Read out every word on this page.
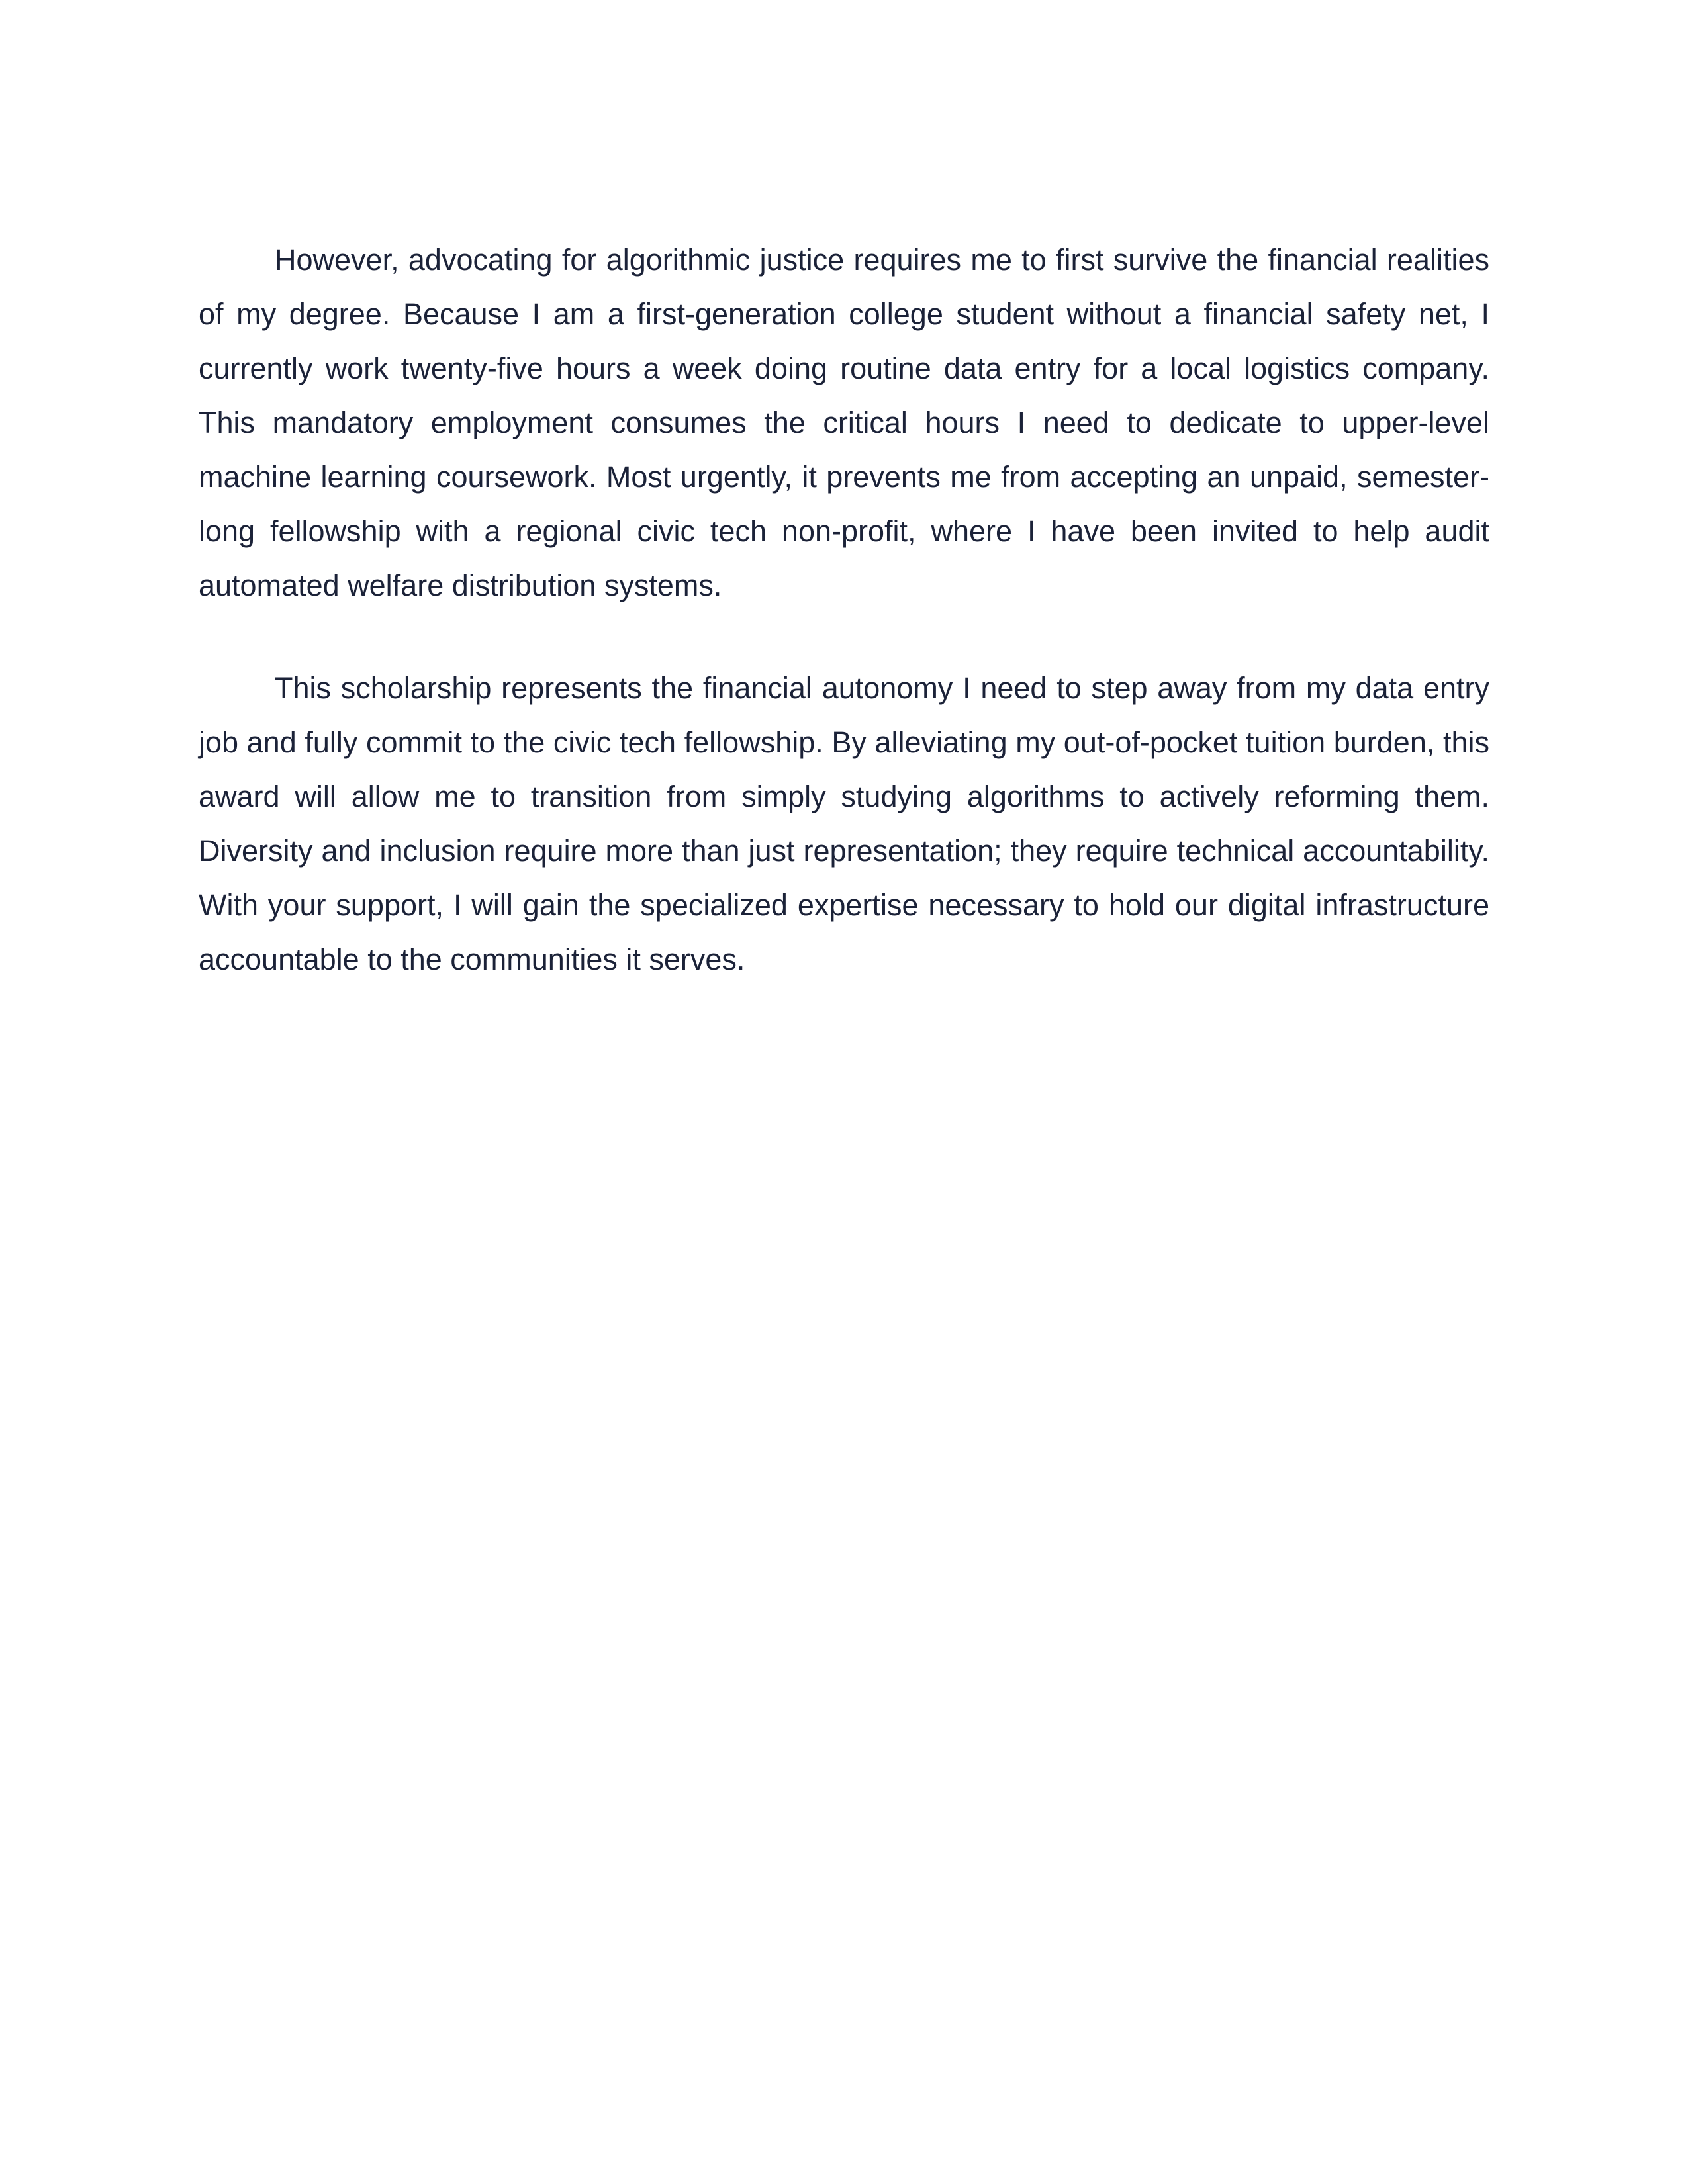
However, advocating for algorithmic justice requires me to first survive the financial realities of my degree. Because I am a first-generation college student without a financial safety net, I currently work twenty-five hours a week doing routine data entry for a local logistics company. This mandatory employment consumes the critical hours I need to dedicate to upper-level machine learning coursework. Most urgently, it prevents me from accepting an unpaid, semester-long fellowship with a regional civic tech non-profit, where I have been invited to help audit automated welfare distribution systems.

This scholarship represents the financial autonomy I need to step away from my data entry job and fully commit to the civic tech fellowship. By alleviating my out-of-pocket tuition burden, this award will allow me to transition from simply studying algorithms to actively reforming them. Diversity and inclusion require more than just representation; they require technical accountability. With your support, I will gain the specialized expertise necessary to hold our digital infrastructure accountable to the communities it serves.
